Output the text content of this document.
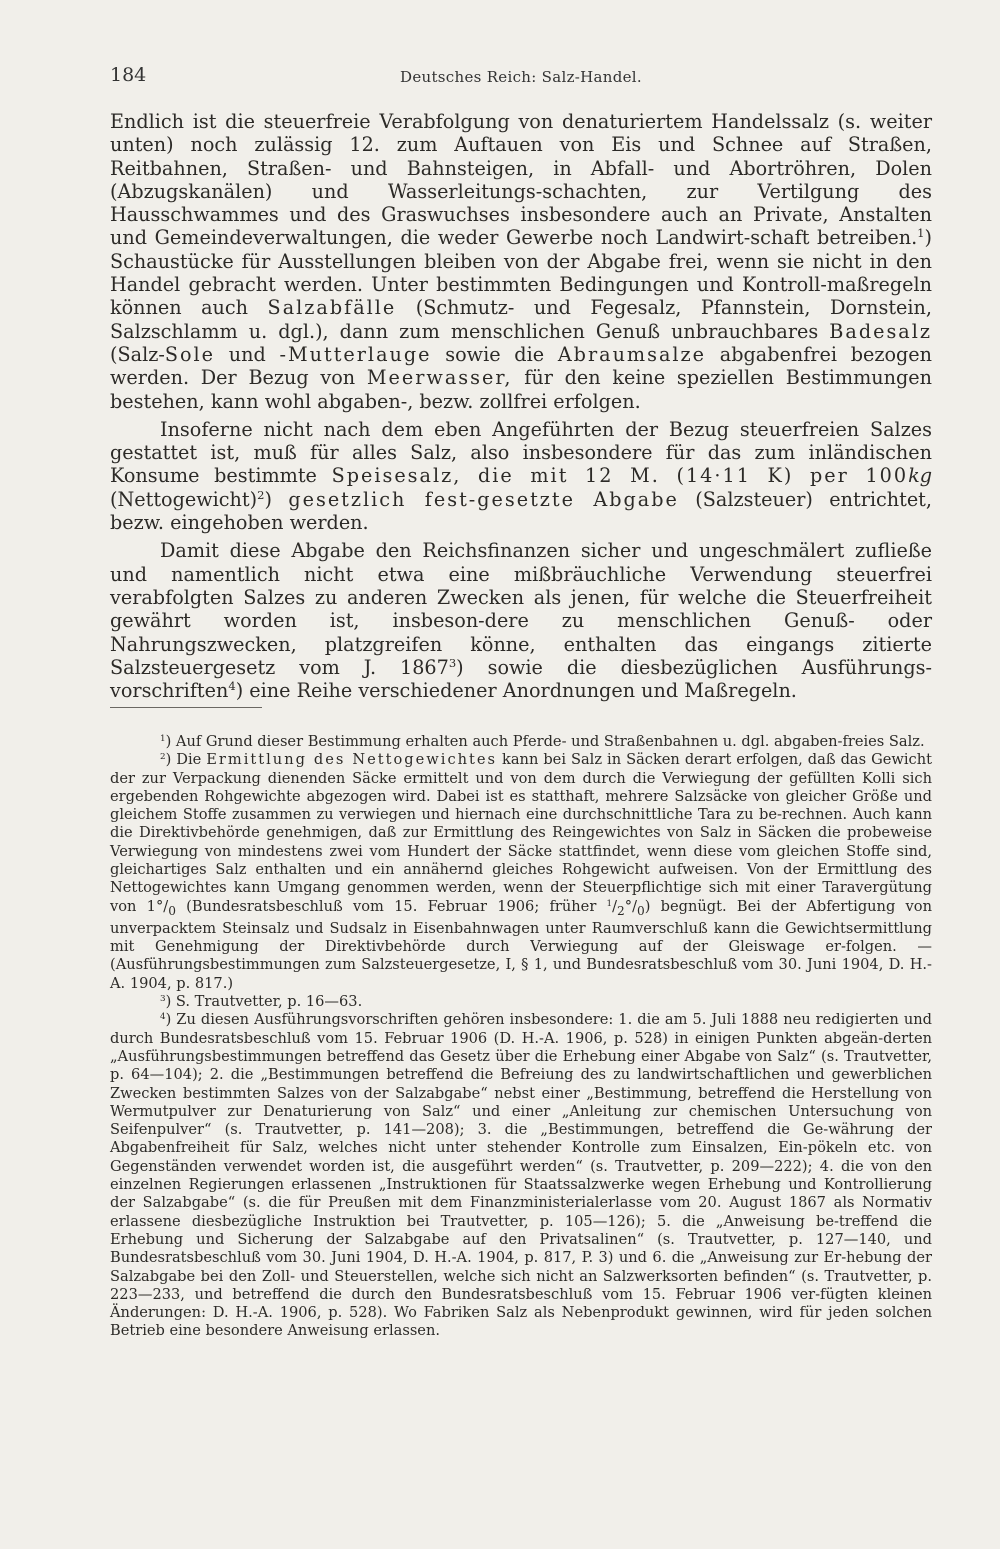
184	Deutsches Reich: Salz-Handel.

Endlich ist die steuerfreie Verabfolgung von denaturiertem Handelssalz (s. weiter unten) noch zulässig 12. zum Auftauen von Eis und Schnee auf Straßen, Reitbahnen, Straßen- und Bahnsteigen, in Abfall- und Abortröhren, Dolen (Abzugskanälen) und Wasserleitungs-schachten, zur Vertilgung des Hausschwammes und des Graswuchses insbesondere auch an Private, Anstalten und Gemeindeverwaltungen, die weder Gewerbe noch Landwirt-schaft betreiben.$^1$) Schaustücke für Ausstellungen bleiben von der Abgabe frei, wenn sie nicht in den Handel gebracht werden. Unter bestimmten Bedingungen und Kontroll-maßregeln können auch Salzabfälle (Schmutz- und Fegesalz, Pfannstein, Dornstein, Salzschlamm u. dgl.), dann zum menschlichen Genuß unbrauchbares Badesalz (Salz-Sole und -Mutterlauge sowie die Abraumsalze abgabenfrei bezogen werden. Der Bezug von Meerwasser, für den keine speziellen Bestimmungen bestehen, kann wohl abgaben-, bezw. zollfrei erfolgen.

Insoferne nicht nach dem eben Angeführten der Bezug steuerfreien Salzes gestattet ist, muß für alles Salz, also insbesondere für das zum inländischen Konsume bestimmte Speisesalz, die mit 12 M. (14·11 K) per 100kg (Nettogewicht)$^2$) gesetzlich fest-gesetzte Abgabe (Salzsteuer) entrichtet, bezw. eingehoben werden.

Damit diese Abgabe den Reichsfinanzen sicher und ungeschmälert zufließe und namentlich nicht etwa eine mißbräuchliche Verwendung steuerfrei verabfolgten Salzes zu anderen Zwecken als jenen, für welche die Steuerfreiheit gewährt worden ist, insbeson-dere zu menschlichen Genuß- oder Nahrungszwecken, platzgreifen könne, enthalten das eingangs zitierte Salzsteuergesetz vom J. 1867$^3$) sowie die diesbezüglichen Ausführungs-vorschriften$^4$) eine Reihe verschiedener Anordnungen und Maßregeln.

$^1$) Auf Grund dieser Bestimmung erhalten auch Pferde- und Straßenbahnen u. dgl. abgaben-freies Salz.

$^2$) Die Ermittlung des Nettogewichtes kann bei Salz in Säcken derart erfolgen, daß das Gewicht der zur Verpackung dienenden Säcke ermittelt und von dem durch die Verwiegung der gefüllten Kolli sich ergebenden Rohgewichte abgezogen wird. Dabei ist es statthaft, mehrere Salzsäcke von gleicher Größe und gleichem Stoffe zusammen zu verwiegen und hiernach eine durchschnittliche Tara zu be-rechnen. Auch kann die Direktivbehörde genehmigen, daß zur Ermittlung des Reingewichtes von Salz in Säcken die probeweise Verwiegung von mindestens zwei vom Hundert der Säcke stattfindet, wenn diese vom gleichen Stoffe sind, gleichartiges Salz enthalten und ein annähernd gleiches Rohgewicht aufweisen. Von der Ermittlung des Nettogewichtes kann Umgang genommen werden, wenn der Steuerpflichtige sich mit einer Taravergütung von $1^\circ/_0$ (Bundesratsbeschluß vom 15. Februar 1906; früher $^1/_2^\circ/_0$) begnügt. Bei der Abfertigung von unverpacktem Steinsalz und Sudsalz in Eisenbahnwagen unter Raumverschluß kann die Gewichtsermittlung mit Genehmigung der Direktivbehörde durch Verwiegung auf der Gleiswage er-folgen. — (Ausführungsbestimmungen zum Salzsteuergesetze, I, § 1, und Bundesratsbeschluß vom 30. Juni 1904, D. H.-A. 1904, p. 817.)

$^3$) S. Trautvetter, p. 16—63.

$^4$) Zu diesen Ausführungsvorschriften gehören insbesondere: 1. die am 5. Juli 1888 neu redigierten und durch Bundesratsbeschluß vom 15. Februar 1906 (D. H.-A. 1906, p. 528) in einigen Punkten abgeän-derten „Ausführungsbestimmungen betreffend das Gesetz über die Erhebung einer Abgabe von Salz“ (s. Trautvetter, p. 64—104); 2. die „Bestimmungen betreffend die Befreiung des zu landwirtschaftlichen und gewerblichen Zwecken bestimmten Salzes von der Salzabgabe“ nebst einer „Bestimmung, betreffend die Herstellung von Wermutpulver zur Denaturierung von Salz“ und einer „Anleitung zur chemischen Untersuchung von Seifenpulver“ (s. Trautvetter, p. 141—208); 3. die „Bestimmungen, betreffend die Ge-währung der Abgabenfreiheit für Salz, welches nicht unter stehender Kontrolle zum Einsalzen, Ein-pökeln etc. von Gegenständen verwendet worden ist, die ausgeführt werden“ (s. Trautvetter, p. 209—222); 4. die von den einzelnen Regierungen erlassenen „Instruktionen für Staatssalzwerke wegen Erhebung und Kontrollierung der Salzabgabe“ (s. die für Preußen mit dem Finanzministerialerlasse vom 20. August 1867 als Normativ erlassene diesbezügliche Instruktion bei Trautvetter, p. 105—126); 5. die „Anweisung be-treffend die Erhebung und Sicherung der Salzabgabe auf den Privatsalinen“ (s. Trautvetter, p. 127—140, und Bundesratsbeschluß vom 30. Juni 1904, D. H.-A. 1904, p. 817, P. 3) und 6. die „Anweisung zur Er-hebung der Salzabgabe bei den Zoll- und Steuerstellen, welche sich nicht an Salzwerksorten befinden“ (s. Trautvetter, p. 223—233, und betreffend die durch den Bundesratsbeschluß vom 15. Februar 1906 ver-fügten kleinen Änderungen: D. H.-A. 1906, p. 528). Wo Fabriken Salz als Nebenprodukt gewinnen, wird für jeden solchen Betrieb eine besondere Anweisung erlassen.
